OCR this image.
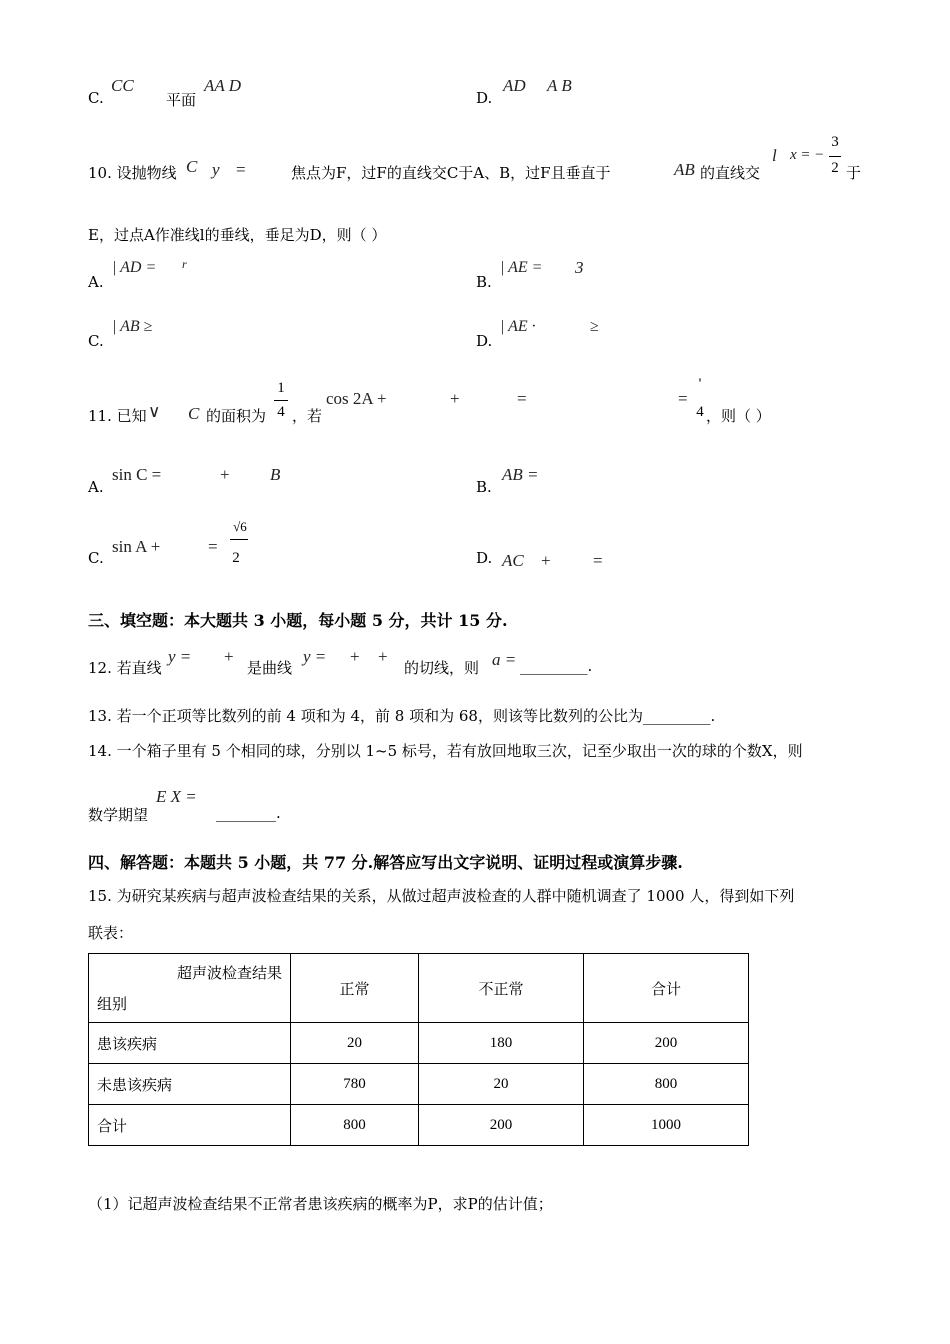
C.
CC
平面
AA D
D.
AD A B
10. 设抛物线 C y =	焦点为F，过F的直线交C于A、B，过F且垂直于	AB 的直线交
l x = −
3
2 于
E，过点A作准线l的垂线，垂足为D，则（ ）
A.
| AD = r
B.
| AE = 3
C.
| AB ≥
D.
| AE ·	≥
11. 已知 ∨ C 的面积为
1
4 ，若
cos 2A +	+	=	=
'
4 ，则（ ）
A.
sin C =	+ B
B.
AB =
C.
sin A +	=
√6
2	D. AC + =
三、填空题：本大题共 3 小题，每小题 5 分，共计 15 分.
12. 若直线
y = +
是曲线
y = + +
的切线，则 a = _________.
13. 若一个正项等比数列的前 4 项和为 4，前 8 项和为 68，则该等比数列的公比为_________.
14. 一个箱子里有 5 个相同的球，分别以 1~5 标号，若有放回地取三次，记至少取出一次的球的个数X，则
数学期望
E X =
________.
四、解答题：本题共 5 小题，共 77 分.解答应写出文字说明、证明过程或演算步骤.
15. 为研究某疾病与超声波检查结果的关系，从做过超声波检查的人群中随机调查了 1000 人，得到如下列
联表：
超声波检查结果
组别	正常	不正常	合计
患该疾病	20	180	200
未患该疾病	780	20	800
合计	800	200	1000
（1）记超声波检查结果不正常者患该疾病的概率为P，求P的估计值；
